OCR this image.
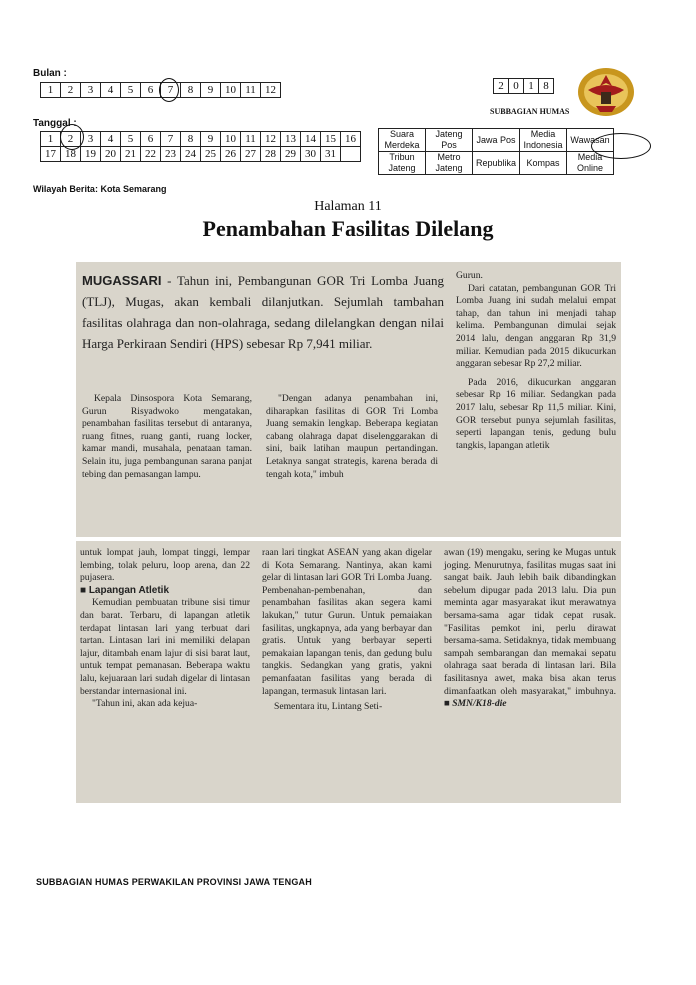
Bulan :
1	2	3	4	5	6	7	8	9	10	11	12
Tanggal :
1	2	3	4	5	6	7	8	9	10	11	12	13	14	15	16
17	18	19	20	21	22	23	24	25	26	27	28	29	30	31	
Wilayah Berita: Kota Semarang
2	0	1	8
SUBBAGIAN HUMAS
Suara Merdeka	Jateng Pos	Jawa Pos	Media Indonesia	Wawasan
Tribun Jateng	Metro Jateng	Republika	Kompas	Media Online
Halaman 11
Penambahan Fasilitas Dilelang
MUGASSARI - Tahun ini, Pembangunan GOR Tri Lomba Juang (TLJ), Mugas, akan kembali dilanjutkan. Sejumlah tambahan fasilitas olahraga dan non-olahraga, sedang dilelangkan dengan nilai Harga Perkiraan Sendiri (HPS) sebesar Rp 7,941 miliar.
Kepala Dinsospora Kota Semarang, Gurun Risyadwoko mengatakan, penambahan fasilitas tersebut di antaranya, ruang fitnes, ruang ganti, ruang locker, kamar mandi, musahala, penataan taman. Selain itu, juga pembangunan sarana panjat tebing dan pemasangan lampu.
"Dengan adanya penambahan ini, diharapkan fasilitas di GOR Tri Lomba Juang semakin lengkap. Beberapa kegiatan cabang olahraga dapat diselenggarakan di sini, baik latihan maupun pertandingan. Letaknya sangat strategis, karena berada di tengah kota," imbuh

Gurun.

Dari catatan, pembangunan GOR Tri Lomba Juang ini sudah melalui empat tahap, dan tahun ini menjadi tahap kelima. Pembangunan dimulai sejak 2014 lalu, dengan anggaran Rp 31,9 miliar. Kemudian pada 2015 dikucurkan anggaran sebesar Rp 27,2 miliar.

Pada 2016, dikucurkan anggaran sebesar Rp 16 miliar. Sedangkan pada 2017 lalu, sebesar Rp 11,5 miliar. Kini, GOR tersebut punya sejumlah fasilitas, seperti lapangan tenis, gedung bulu tangkis, lapangan atletik

untuk lompat jauh, lompat tinggi, lempar lembing, tolak peluru, loop arena, dan 22 pujasera.

■ Lapangan Atletik

Kemudian pembuatan tribune sisi timur dan barat. Terbaru, di lapangan atletik terdapat lintasan lari yang terbuat dari tartan. Lintasan lari ini memiliki delapan lajur, ditambah enam lajur di sisi barat laut, untuk tempat pemanasan. Beberapa waktu lalu, kejuaraan lari sudah digelar di lintasan berstandar internasional ini.

"Tahun ini, akan ada kejua-

raan lari tingkat ASEAN yang akan digelar di Kota Semarang. Nantinya, akan kami gelar di lintasan lari GOR Tri Lomba Juang. Pembenahan-pembenahan, dan penambahan fasilitas akan segera kami lakukan," tutur Gurun. Untuk pemaiakan fasilitas, ungkapnya, ada yang berbayar dan gratis. Untuk yang berbayar seperti pemakaian lapangan tenis, dan gedung bulu tangkis. Sedangkan yang gratis, yakni pemanfaatan fasilitas yang berada di lapangan, termasuk lintasan lari.

Sementara itu, Lintang Seti-

awan (19) mengaku, sering ke Mugas untuk joging. Menurutnya, fasilitas mugas saat ini sangat baik. Jauh lebih baik dibandingkan sebelum dipugar pada 2013 lalu. Dia pun meminta agar masyarakat ikut merawatnya bersama-sama agar tidak cepat rusak. "Fasilitas pemkot ini, perlu dirawat bersama-sama. Setidaknya, tidak membuang sampah sembarangan dan memakai sepatu olahraga saat berada di lintasan lari. Bila fasilitasnya awet, maka bisa akan terus dimanfaatkan oleh masyarakat," imbuhnya. ■ SMN/K18-die
SUBBAGIAN HUMAS PERWAKILAN PROVINSI JAWA TENGAH
